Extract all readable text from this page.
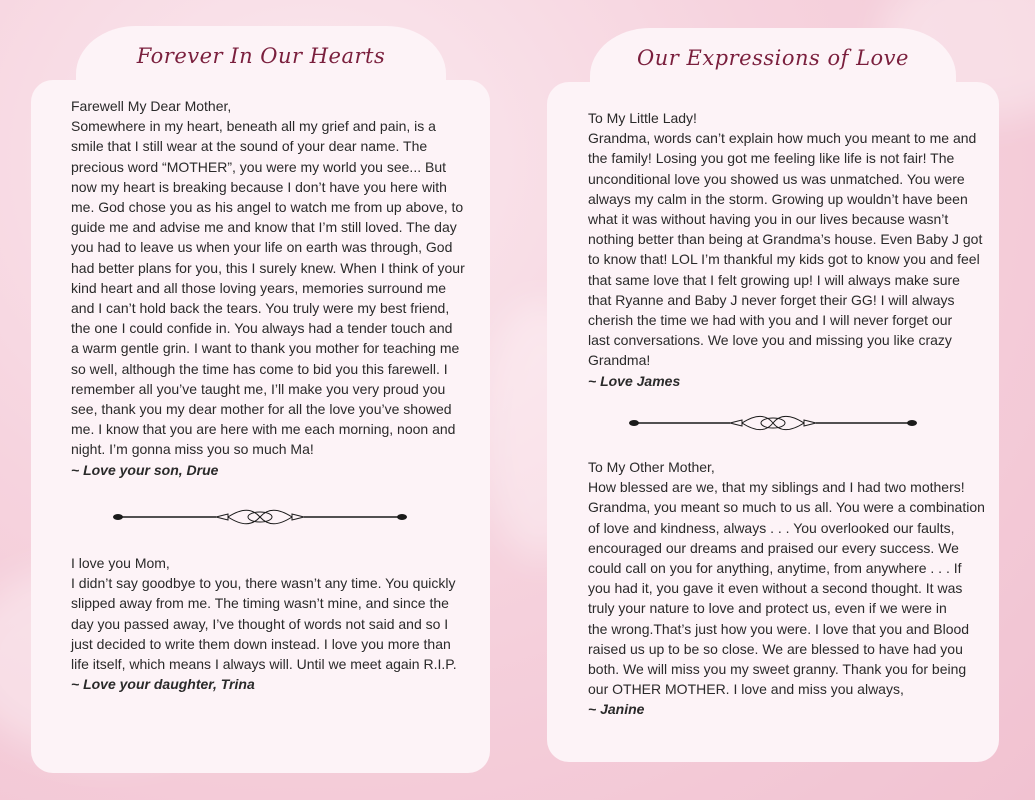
Forever In Our Hearts
Farewell My Dear Mother,
Somewhere in my heart, beneath all my grief and pain, is a
smile that I still wear at the sound of your dear name. The
precious word “MOTHER”, you were my world you see... But
now my heart is breaking because I don’t have you here with
me. God chose you as his angel to watch me from up above, to
guide me and advise me and know that I’m still loved. The day
you had to leave us when your life on earth was through, God
had better plans for you, this I surely knew. When I think of your
kind heart and all those loving years, memories surround me
and I can’t hold back the tears. You truly were my best friend,
the one I could confide in. You always had a tender touch and
a warm gentle grin. I want to thank you mother for teaching me
so well, although the time has come to bid you this farewell. I
remember all you’ve taught me, I’ll make you very proud you
see, thank you my dear mother for all the love you’ve showed
me. I know that you are here with me each morning, noon and
night. I’m gonna miss you so much Ma!
~ Love your son, Drue
I love you Mom,
I didn’t say goodbye to you, there wasn’t any time. You quickly
slipped away from me. The timing wasn’t mine, and since the
day you passed away, I’ve thought of words not said and so I
just decided to write them down instead. I love you more than
life itself, which means I always will. Until we meet again R.I.P.
~ Love your daughter, Trina
Our Expressions of Love
To My Little Lady!
Grandma, words can’t explain how much you meant to me and
the family! Losing you got me feeling like life is not fair! The
unconditional love you showed us was unmatched. You were
always my calm in the storm. Growing up wouldn’t have been
what it was without having you in our lives because wasn’t
nothing better than being at Grandma’s house. Even Baby J got
to know that! LOL I’m thankful my kids got to know you and feel
that same love that I felt growing up! I will always make sure
that Ryanne and Baby J never forget their GG! I will always
cherish the time we had with you and I will never forget our
last conversations. We love you and missing you like crazy
Grandma!
~ Love James
To My Other Mother,
How blessed are we, that my siblings and I had two mothers!
Grandma, you meant so much to us all. You were a combination
of love and kindness, always . . . You overlooked our faults,
encouraged our dreams and praised our every success. We
could call on you for anything, anytime, from anywhere . . . If
you had it, you gave it even without a second thought. It was
truly your nature to love and protect us, even if we were in
the wrong.That’s just how you were. I love that you and Blood
raised us up to be so close. We are blessed to have had you
both. We will miss you my sweet granny. Thank you for being
our OTHER MOTHER. I love and miss you always,
~ Janine
